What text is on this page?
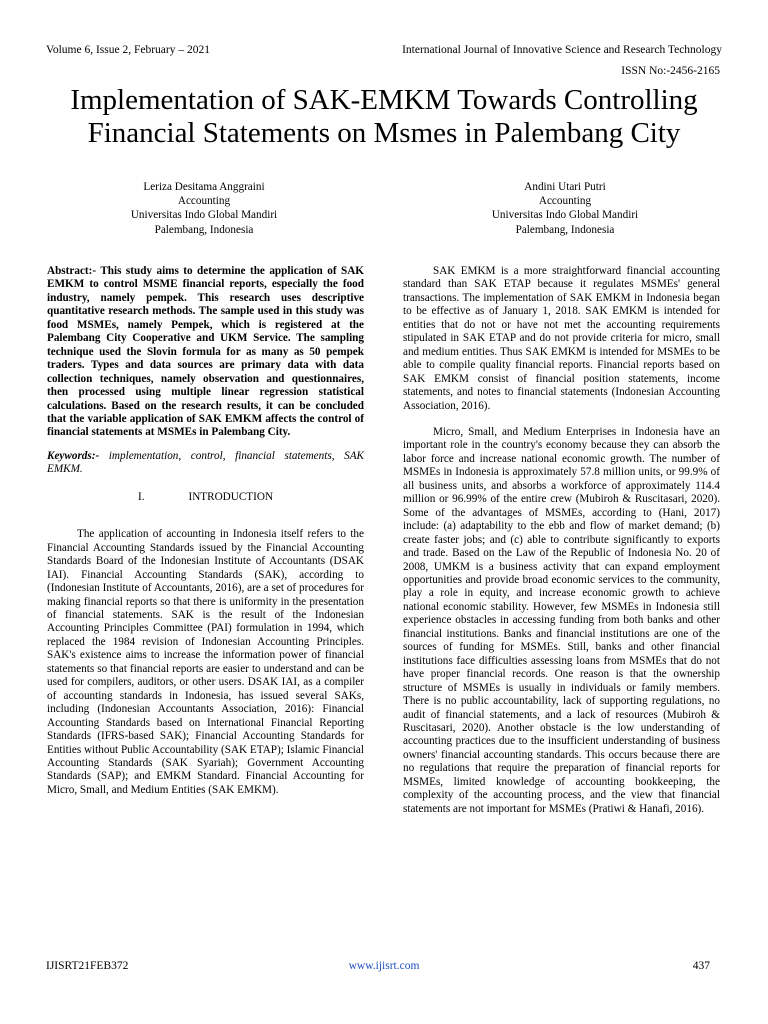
Volume 6, Issue 2, February – 2021	International Journal of Innovative Science and Research Technology
ISSN No:-2456-2165
Implementation of SAK-EMKM Towards Controlling Financial Statements on Msmes in Palembang City
Leriza Desitama Anggraini
Accounting
Universitas Indo Global Mandiri
Palembang, Indonesia
Andini Utari Putri
Accounting
Universitas Indo Global Mandiri
Palembang, Indonesia

Abstract:- This study aims to determine the application of SAK EMKM to control MSME financial reports, especially the food industry, namely pempek. This research uses descriptive quantitative research methods. The sample used in this study was food MSMEs, namely Pempek, which is registered at the Palembang City Cooperative and UKM Service. The sampling technique used the Slovin formula for as many as 50 pempek traders. Types and data sources are primary data with data collection techniques, namely observation and questionnaires, then processed using multiple linear regression statistical calculations. Based on the research results, it can be concluded that the variable application of SAK EMKM affects the control of financial statements at MSMEs in Palembang City.

Keywords:- implementation, control, financial statements, SAK EMKM.

I.	INTRODUCTION

The application of accounting in Indonesia itself refers to the Financial Accounting Standards issued by the Financial Accounting Standards Board of the Indonesian Institute of Accountants (DSAK IAI). Financial Accounting Standards (SAK), according to (Indonesian Institute of Accountants, 2016), are a set of procedures for making financial reports so that there is uniformity in the presentation of financial statements. SAK is the result of the Indonesian Accounting Principles Committee (PAI) formulation in 1994, which replaced the 1984 revision of Indonesian Accounting Principles. SAK's existence aims to increase the information power of financial statements so that financial reports are easier to understand and can be used for compilers, auditors, or other users. DSAK IAI, as a compiler of accounting standards in Indonesia, has issued several SAKs, including (Indonesian Accountants Association, 2016): Financial Accounting Standards based on International Financial Reporting Standards (IFRS-based SAK); Financial Accounting Standards for Entities without Public Accountability (SAK ETAP); Islamic Financial Accounting Standards (SAK Syariah); Government Accounting Standards (SAP); and EMKM Standard. Financial Accounting for Micro, Small, and Medium Entities (SAK EMKM).

SAK EMKM is a more straightforward financial accounting standard than SAK ETAP because it regulates MSMEs' general transactions. The implementation of SAK EMKM in Indonesia began to be effective as of January 1, 2018. SAK EMKM is intended for entities that do not or have not met the accounting requirements stipulated in SAK ETAP and do not provide criteria for micro, small and medium entities. Thus SAK EMKM is intended for MSMEs to be able to compile quality financial reports. Financial reports based on SAK EMKM consist of financial position statements, income statements, and notes to financial statements (Indonesian Accounting Association, 2016).

Micro, Small, and Medium Enterprises in Indonesia have an important role in the country's economy because they can absorb the labor force and increase national economic growth. The number of MSMEs in Indonesia is approximately 57.8 million units, or 99.9% of all business units, and absorbs a workforce of approximately 114.4 million or 96.99% of the entire crew (Mubiroh & Ruscitasari, 2020). Some of the advantages of MSMEs, according to (Hani, 2017) include: (a) adaptability to the ebb and flow of market demand; (b) create faster jobs; and (c) able to contribute significantly to exports and trade. Based on the Law of the Republic of Indonesia No. 20 of 2008, UMKM is a business activity that can expand employment opportunities and provide broad economic services to the community, play a role in equity, and increase economic growth to achieve national economic stability. However, few MSMEs in Indonesia still experience obstacles in accessing funding from both banks and other financial institutions. Banks and financial institutions are one of the sources of funding for MSMEs. Still, banks and other financial institutions face difficulties assessing loans from MSMEs that do not have proper financial records. One reason is that the ownership structure of MSMEs is usually in individuals or family members. There is no public accountability, lack of supporting regulations, no audit of financial statements, and a lack of resources (Mubiroh & Ruscitasari, 2020). Another obstacle is the low understanding of accounting practices due to the insufficient understanding of business owners' financial accounting standards. This occurs because there are no regulations that require the preparation of financial reports for MSMEs, limited knowledge of accounting bookkeeping, the complexity of the accounting process, and the view that financial statements are not important for MSMEs (Pratiwi & Hanafi, 2016).

IJISRT21FEB372	www.ijisrt.com	437
